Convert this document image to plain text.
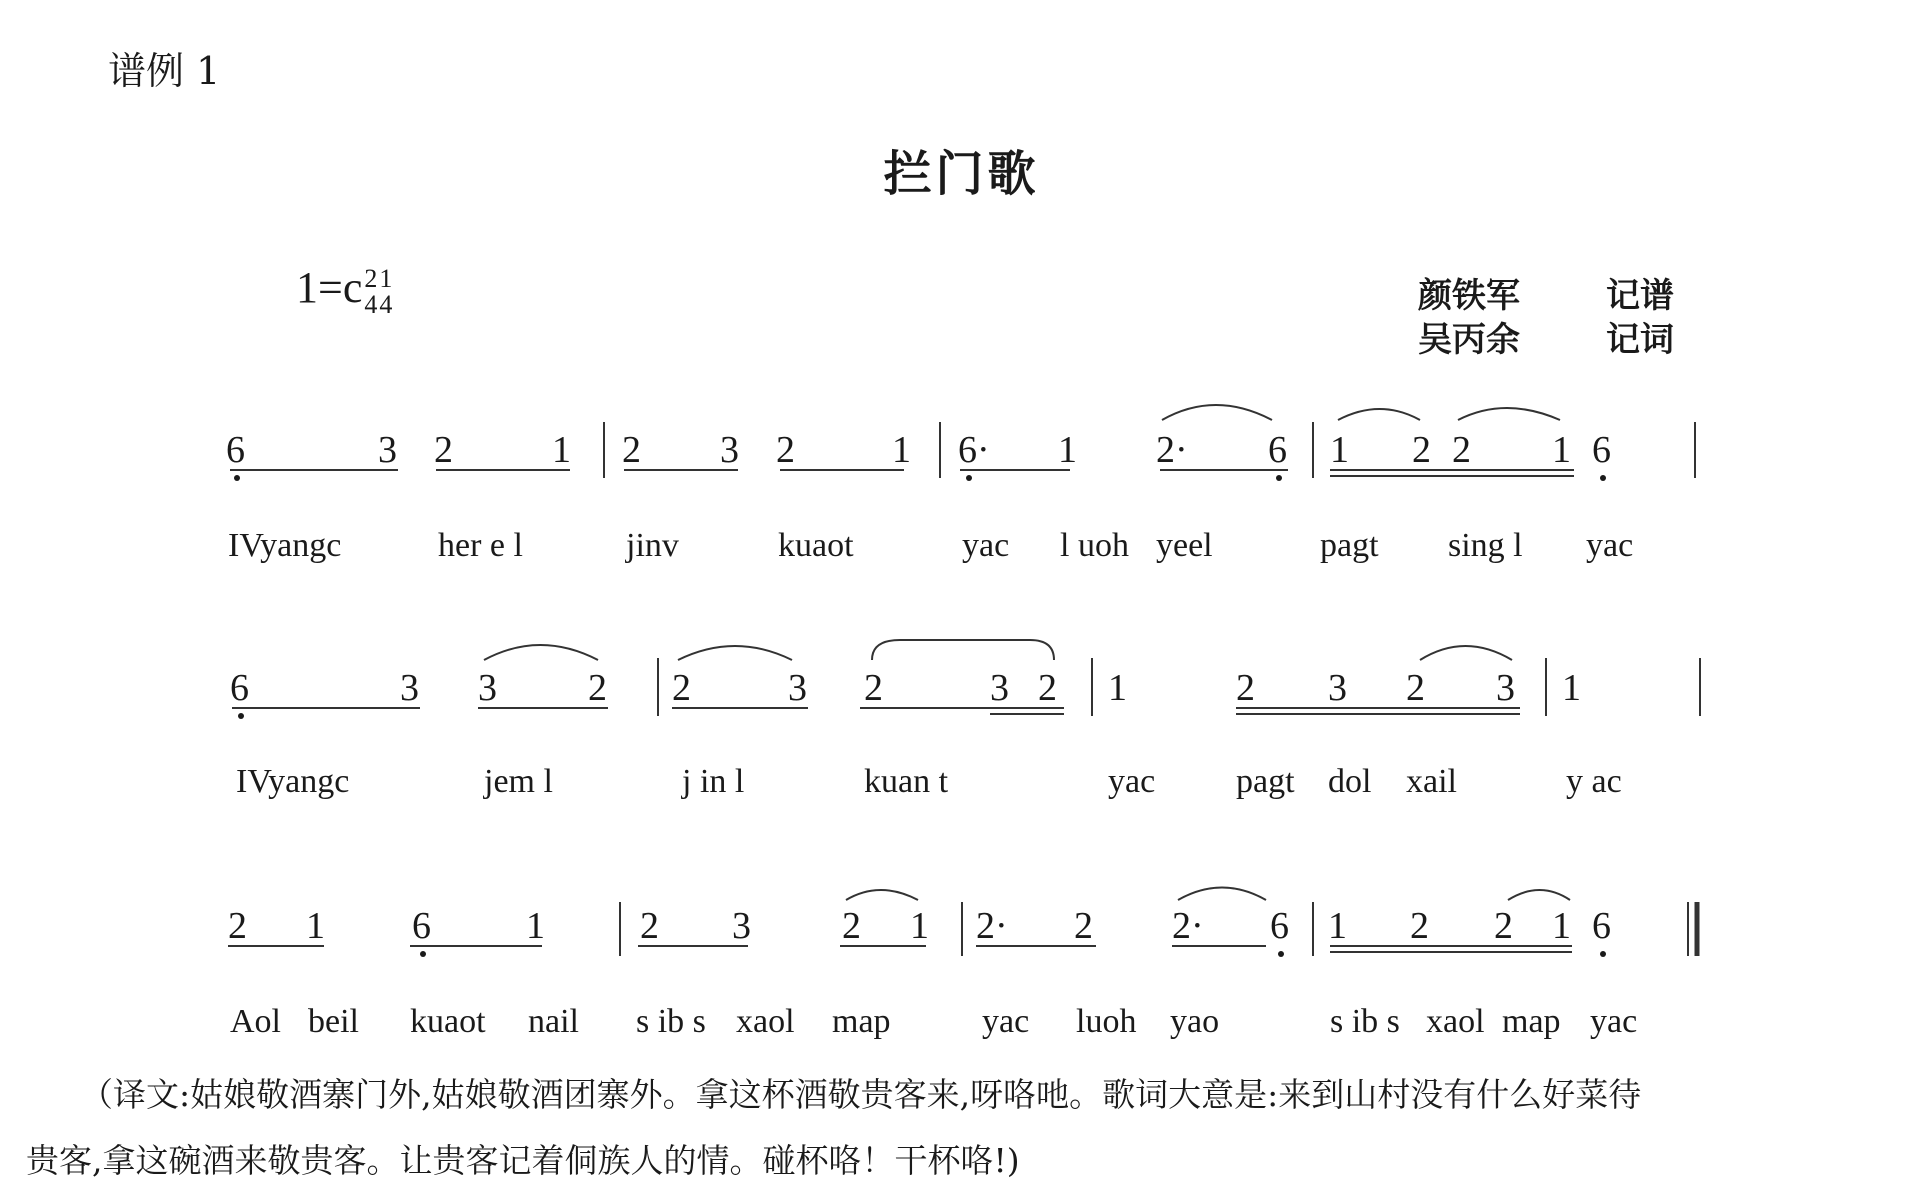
谱例 1
拦门歌
1=c2
41
4	颜铁军	记谱
吴丙余	记词
6	3 2	1 2 3 2	1 6· 1 2· 6 1 2 2 1 6
IVyangc	her e l	jinv	kuaot	yac l uoh yeel	pagt sing l yac
6	3 3 2 2	3 2	3 2 1	2 3 2 3 1
IVyangc	jem l	j in l	kuan t	yac pagt dol xail	y ac
2 1 6	1	2 3 2 1 2· 2 2· 6 1 2 2 1 6
Aol beil kuaot nail s ib s xaol map	yac luoh yao	s ib s xaol map yac
（译文:姑娘敬酒寨门外,姑娘敬酒团寨外。拿这杯酒敬贵客来,呀咯吔。歌词大意是:来到山村没有什么好菜待
贵客,拿这碗酒来敬贵客。让贵客记着侗族人的情。碰杯咯！干杯咯!)
